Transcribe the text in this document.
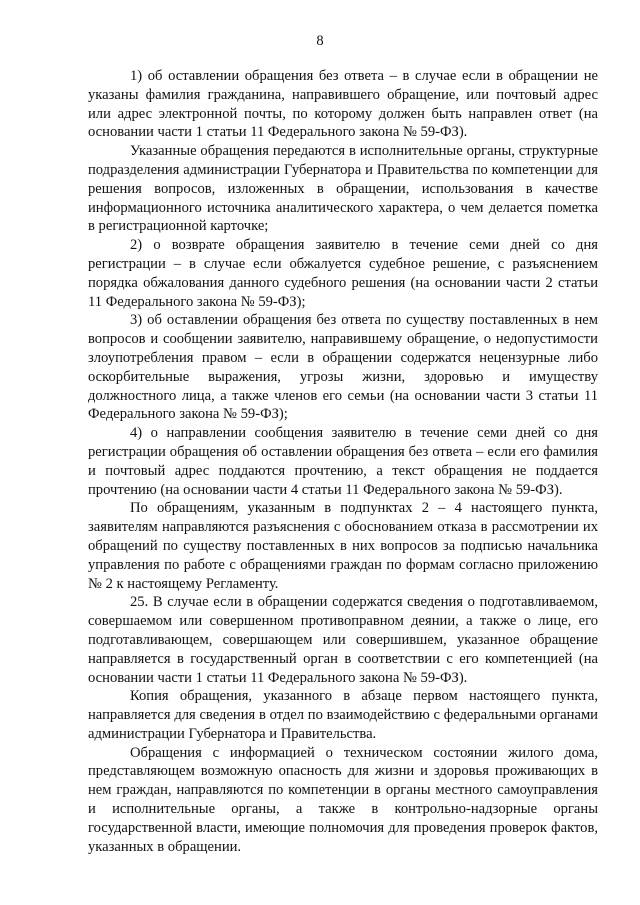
8

1) об оставлении обращения без ответа – в случае если в обращении не указаны фамилия гражданина, направившего обращение, или почтовый адрес или адрес электронной почты, по которому должен быть направлен ответ (на основании части 1 статьи 11 Федерального закона № 59-ФЗ).

Указанные обращения передаются в исполнительные органы, структурные подразделения администрации Губернатора и Правительства по компетенции для решения вопросов, изложенных в обращении, использования в качестве информационного источника аналитического характера, о чем делается пометка в регистрационной карточке;

2) о возврате обращения заявителю в течение семи дней со дня регистрации – в случае если обжалуется судебное решение, с разъяснением порядка обжалования данного судебного решения (на основании части 2 статьи 11 Федерального закона № 59-ФЗ);

3) об оставлении обращения без ответа по существу поставленных в нем вопросов и сообщении заявителю, направившему обращение, о недопустимости злоупотребления правом – если в обращении содержатся нецензурные либо оскорбительные выражения, угрозы жизни, здоровью и имуществу должностного лица, а также членов его семьи (на основании части 3 статьи 11 Федерального закона № 59-ФЗ);

4) о направлении сообщения заявителю в течение семи дней со дня регистрации обращения об оставлении обращения без ответа – если его фамилия и почтовый адрес поддаются прочтению, а текст обращения не поддается прочтению (на основании части 4 статьи 11 Федерального закона № 59-ФЗ).

По обращениям, указанным в подпунктах 2 – 4 настоящего пункта, заявителям направляются разъяснения с обоснованием отказа в рассмотрении их обращений по существу поставленных в них вопросов за подписью начальника управления по работе с обращениями граждан по формам согласно приложению № 2 к настоящему Регламенту.

25. В случае если в обращении содержатся сведения о подготавливаемом, совершаемом или совершенном противоправном деянии, а также о лице, его подготавливающем, совершающем или совершившем, указанное обращение направляется в государственный орган в соответствии с его компетенцией (на основании части 1 статьи 11 Федерального закона № 59-ФЗ).

Копия обращения, указанного в абзаце первом настоящего пункта, направляется для сведения в отдел по взаимодействию с федеральными органами администрации Губернатора и Правительства.

Обращения с информацией о техническом состоянии жилого дома, представляющем возможную опасность для жизни и здоровья проживающих в нем граждан, направляются по компетенции в органы местного самоуправления и исполнительные органы, а также в контрольно-надзорные органы государственной власти, имеющие полномочия для проведения проверок фактов, указанных в обращении.
